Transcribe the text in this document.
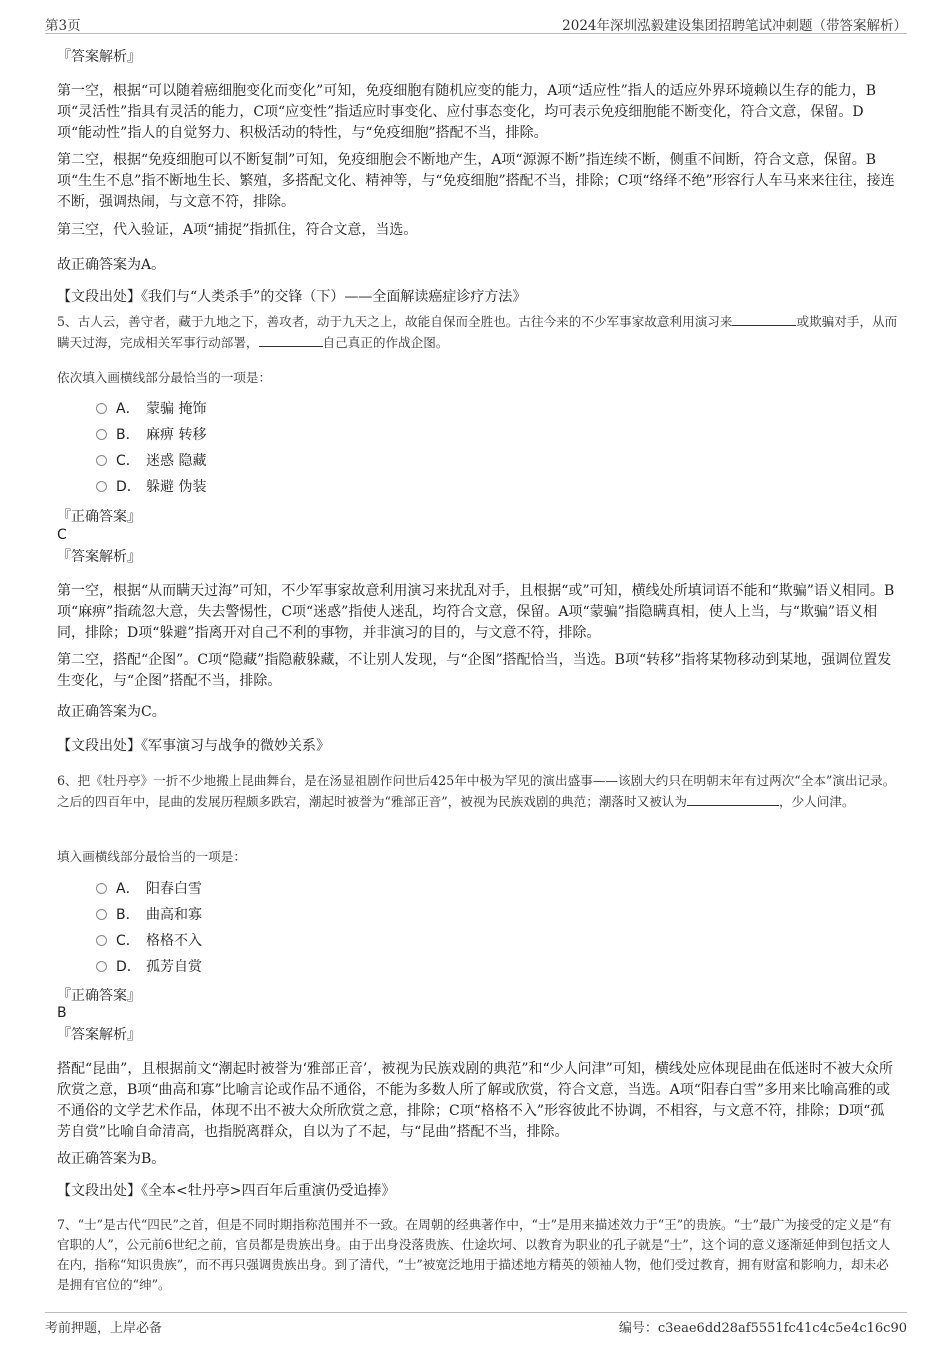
第3页	2024年深圳泓毅建设集团招聘笔试冲刺题（带答案解析）
『答案解析』
第一空，根据“可以随着癌细胞变化而变化”可知，免疫细胞有随机应变的能力，A项“适应性”指人的适应外界环境赖以生存的能力，B项“灵活性”指具有灵活的能力，C项“应变性”指适应时事变化、应付事态变化，均可表示免疫细胞能不断变化，符合文意，保留。D项“能动性”指人的自觉努力、积极活动的特性，与“免疫细胞”搭配不当，排除。
第二空，根据“免疫细胞可以不断复制”可知，免疫细胞会不断地产生，A项“源源不断”指连续不断，侧重不间断，符合文意，保留。B项“生生不息”指不断地生长、繁殖，多搭配文化、精神等，与“免疫细胞”搭配不当，排除；C项“络绎不绝”形容行人车马来来往往，接连不断，强调热闹，与文意不符，排除。
第三空，代入验证，A项“捕捉”指抓住，符合文意，当选。
故正确答案为A。
【文段出处】《我们与“人类杀手”的交锋（下）——全面解读癌症诊疗方法》
5、古人云，善守者，藏于九地之下，善攻者，动于九天之上，故能自保而全胜也。古往今来的不少军事家故意利用演习来	或欺骗对手，从而瞒天过海，完成相关军事行动部署，	自己真正的作战企图。
依次填入画横线部分最恰当的一项是：
A． 蒙骗 掩饰
B． 麻痹 转移
C． 迷惑 隐藏
D． 躲避 伪装
『正确答案』
C
『答案解析』
第一空，根据“从而瞒天过海”可知，不少军事家故意利用演习来扰乱对手，且根据“或”可知，横线处所填词语不能和“欺骗”语义相同。B项“麻痹”指疏忽大意，失去警惕性，C项“迷惑”指使人迷乱，均符合文意，保留。A项“蒙骗”指隐瞒真相，使人上当，与“欺骗”语义相同，排除；D项“躲避”指离开对自己不利的事物，并非演习的目的，与文意不符，排除。
第二空，搭配“企图”。C项“隐藏”指隐蔽躲藏，不让别人发现，与“企图”搭配恰当，当选。B项“转移”指将某物移动到某地，强调位置发生变化，与“企图”搭配不当，排除。
故正确答案为C。
【文段出处】《军事演习与战争的微妙关系》
6、把《牡丹亭》一折不少地搬上昆曲舞台，是在汤显祖剧作问世后425年中极为罕见的演出盛事——该剧大约只在明朝末年有过两次“全本”演出记录。之后的四百年中，昆曲的发展历程颇多跌宕，潮起时被誉为“雅部正音”，被视为民族戏剧的典范；潮落时又被认为	，少人问津。
填入画横线部分最恰当的一项是：
A． 阳春白雪
B． 曲高和寡
C． 格格不入
D． 孤芳自赏
『正确答案』
B
『答案解析』
搭配“昆曲”，且根据前文“潮起时被誉为‘雅部正音’，被视为民族戏剧的典范”和“少人问津”可知，横线处应体现昆曲在低迷时不被大众所欣赏之意，B项“曲高和寡”比喻言论或作品不通俗，不能为多数人所了解或欣赏，符合文意，当选。A项“阳春白雪”多用来比喻高雅的或不通俗的文学艺术作品，体现不出不被大众所欣赏之意，排除；C项“格格不入”形容彼此不协调，不相容，与文意不符，排除；D项“孤芳自赏”比喻自命清高，也指脱离群众，自以为了不起，与“昆曲”搭配不当，排除。
故正确答案为B。
【文段出处】《全本<牡丹亭>四百年后重演仍受追捧》
7、“士”是古代“四民”之首，但是不同时期指称范围并不一致。在周朝的经典著作中，“士”是用来描述效力于“王”的贵族。“士”最广为接受的定义是“有官职的人”，公元前6世纪之前，官员都是贵族出身。由于出身没落贵族、仕途坎坷、以教育为职业的孔子就是“士”，这个词的意义逐渐延伸到包括文人在内，指称“知识贵族”，而不再只强调贵族出身。到了清代，“士”被宽泛地用于描述地方精英的领袖人物，他们受过教育，拥有财富和影响力，却未必是拥有官位的“绅”。
考前押题，上岸必备	编号：c3eae6dd28af5551fc41c4c5e4c16c90
